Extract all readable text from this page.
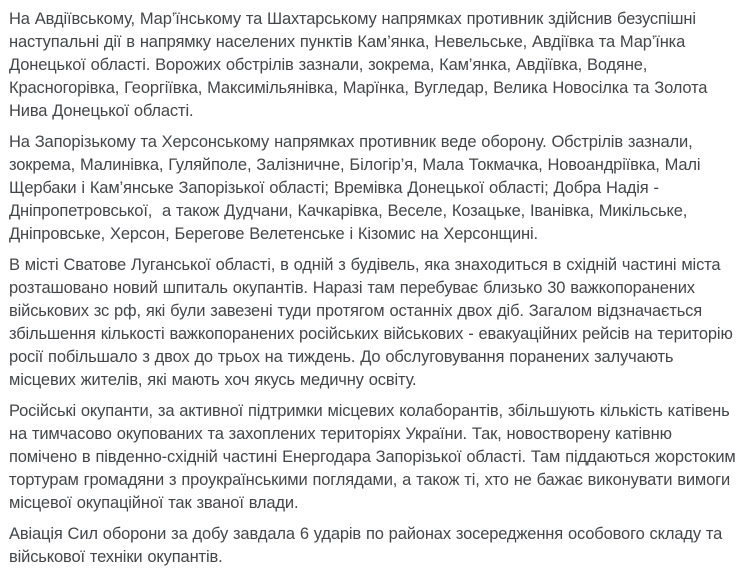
На Авдіївському, Мар’їнському та Шахтарському напрямках противник здійснив безуспішні наступальні дії в напрямку населених пунктів Кам’янка, Невельське, Авдіївка та Мар’їнка Донецької області. Ворожих обстрілів зазнали, зокрема, Кам’янка, Авдіївка, Водяне, Красногорівка, Георгіївка, Максимільянівка, Марїнка, Вугледар, Велика Новосілка та Золота Нива Донецької області.

На Запорізькому та Херсонському напрямках противник веде оборону. Обстрілів зазнали, зокрема, Малинівка, Гуляйполе, Залізничне, Білогір’я, Мала Токмачка, Новоандріївка, Малі Щербаки і Кам’янське Запорізької області; Времівка Донецької області; Добра Надія - Дніпропетровської,  а також Дудчани, Качкарівка, Веселе, Козацьке, Іванівка, Микільське, Дніпровське, Херсон, Берегове Велетенське і Кізомис на Херсонщині.

В місті Сватове Луганської області, в одній з будівель, яка знаходиться в східній частині міста розташовано новий шпиталь окупантів. Наразі там перебуває близько 30 важкопоранених військових зс рф, які були завезені туди протягом останніх двох діб. Загалом відзначається збільшення кількості важкопоранених російських військових - евакуаційних рейсів на територію росії побільшало з двох до трьох на тиждень. До обслуговування поранених залучають місцевих жителів, які мають хоч якусь медичну освіту.

Російські окупанти, за активної підтримки місцевих колаборантів, збільшують кількість катівень на тимчасово окупованих та захоплених територіях України. Так, новостворену катівню помічено в південно-східній частині Енергодара Запорізької області. Там піддаються жорстоким тортурам громадяни з проукраїнськими поглядами, а також ті, хто не бажає виконувати вимоги місцевої окупаційної так званої влади.

Авіація Сил оборони за добу завдала 6 ударів по районах зосередження особового складу та військової техніки окупантів.
